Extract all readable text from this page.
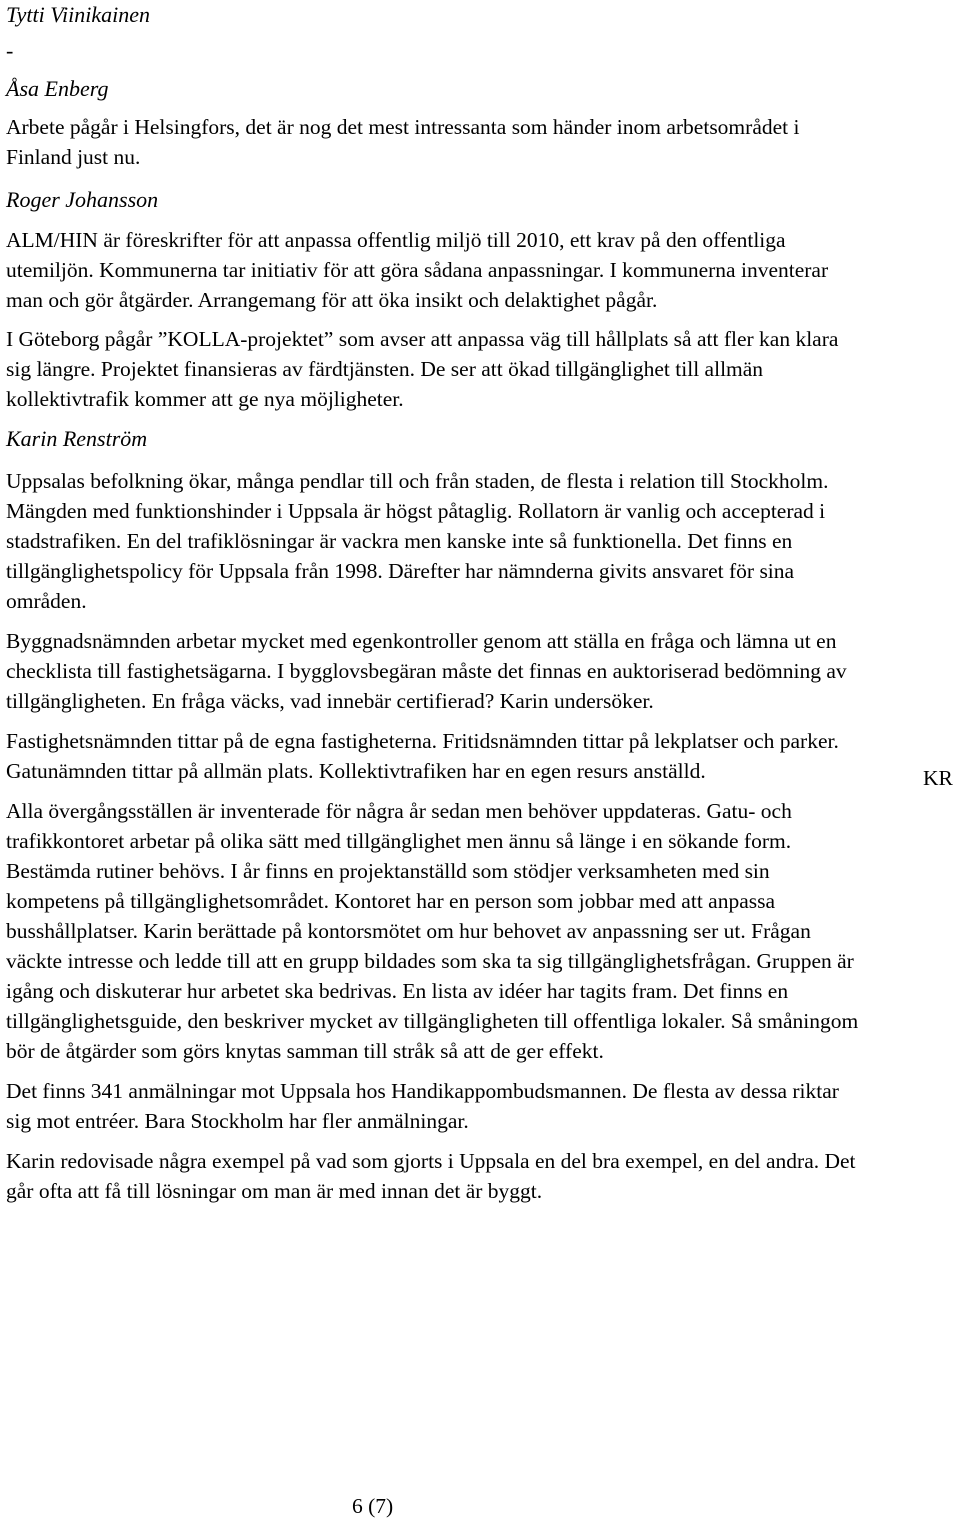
Tytti Viinikainen
-
Åsa Enberg

Arbete pågår i Helsingfors, det är nog det mest intressanta som händer inom arbetsområdet i Finland just nu.

Roger Johansson

ALM/HIN är föreskrifter för att anpassa offentlig miljö till 2010, ett krav på den offentliga utemiljön. Kommunerna tar initiativ för att göra sådana anpassningar. I kommunerna inventerar man och gör åtgärder. Arrangemang för att öka insikt och delaktighet pågår.

I Göteborg pågår ”KOLLA-projektet” som avser att anpassa väg till hållplats så att fler kan klara sig längre. Projektet finansieras av färdtjänsten. De ser att ökad tillgänglighet till allmän kollektivtrafik kommer att ge nya möjligheter.

Karin Renström

Uppsalas befolkning ökar, många pendlar till och från staden, de flesta i relation till Stockholm. Mängden med funktionshinder i Uppsala är högst påtaglig. Rollatorn är vanlig och accepterad i stadstrafiken. En del trafiklösningar är vackra men kanske inte så funktionella. Det finns en tillgänglighetspolicy för Uppsala från 1998. Därefter har nämnderna givits ansvaret för sina områden.

Byggnadsnämnden arbetar mycket med egenkontroller genom att ställa en fråga och lämna ut en checklista till fastighetsägarna. I bygglovsbegäran måste det finnas en auktoriserad bedömning av tillgängligheten. En fråga väcks, vad innebär certifierad? Karin undersöker.

Fastighetsnämnden tittar på de egna fastigheterna. Fritidsnämnden tittar på lekplatser och parker. Gatunämnden tittar på allmän plats. Kollektivtrafiken har en egen resurs anställd.

Alla övergångsställen är inventerade för några år sedan men behöver uppdateras. Gatu- och trafikkontoret arbetar på olika sätt med tillgänglighet men ännu så länge i en sökande form. Bestämda rutiner behövs. I år finns en projektanställd som stödjer verksamheten med sin kompetens på tillgänglighetsområdet. Kontoret har en person som jobbar med att anpassa busshållplatser. Karin berättade på kontorsmötet om hur behovet av anpassning ser ut. Frågan väckte intresse och ledde till att en grupp bildades som ska ta sig tillgänglighetsfrågan. Gruppen är igång och diskuterar hur arbetet ska bedrivas. En lista av idéer har tagits fram. Det finns en tillgänglighetsguide, den beskriver mycket av tillgängligheten till offentliga lokaler. Så småningom bör de åtgärder som görs knytas samman till stråk så att de ger effekt.

Det finns 341 anmälningar mot Uppsala hos Handikappombudsmannen. De flesta av dessa riktar sig mot entréer. Bara Stockholm har fler anmälningar.

Karin redovisade några exempel på vad som gjorts i Uppsala en del bra exempel, en del andra. Det går ofta att få till lösningar om man är med innan det är byggt.

KR
6 (7)
